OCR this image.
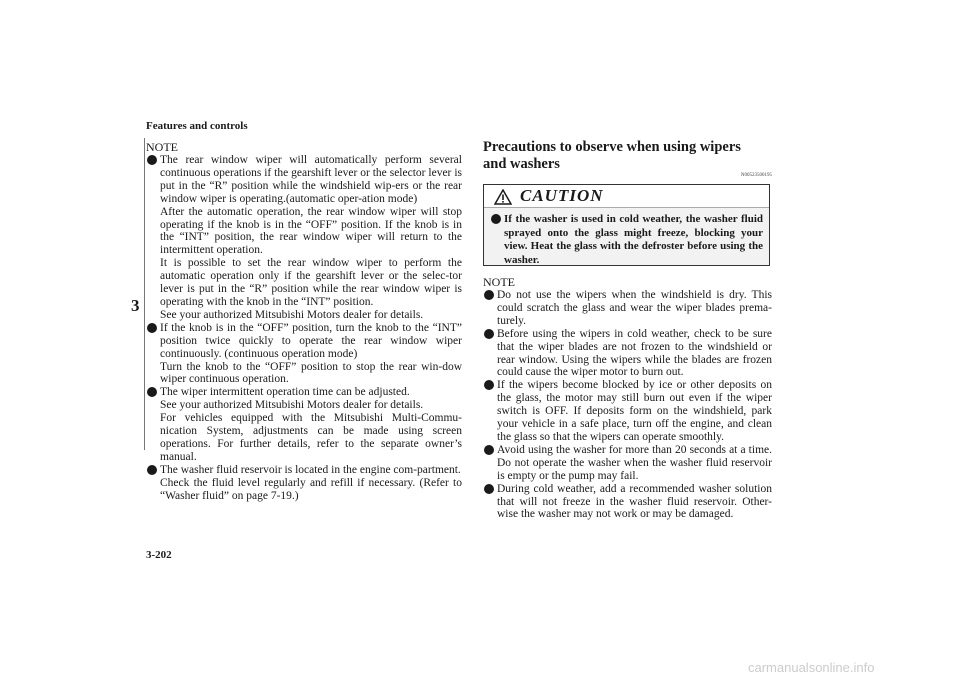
Features and controls
3

NOTE

The rear window wiper will automatically perform several continuous operations if the gearshift lever or the selector lever is put in the “R” position while the windshield wip-ers or the rear window wiper is operating.(automatic oper-ation mode)
After the automatic operation, the rear window wiper will stop operating if the knob is in the “OFF” position. If the knob is in the “INT” position, the rear window wiper will return to the intermittent operation.
It is possible to set the rear window wiper to perform the automatic operation only if the gearshift lever or the selec-tor lever is put in the “R” position while the rear window wiper is operating with the knob in the “INT” position.
See your authorized Mitsubishi Motors dealer for details.
If the knob is in the “OFF” position, turn the knob to the “INT” position twice quickly to operate the rear window wiper continuously. (continuous operation mode)
Turn the knob to the “OFF” position to stop the rear win-dow wiper continuous operation.
The wiper intermittent operation time can be adjusted.
See your authorized Mitsubishi Motors dealer for details.
For vehicles equipped with the Mitsubishi Multi-Commu-nication System, adjustments can be made using screen operations. For further details, refer to the separate owner’s manual.
The washer fluid reservoir is located in the engine com-partment.
Check the fluid level regularly and refill if necessary. (Refer to “Washer fluid” on page 7-19.)
Precautions to observe when using wipers and washers
N00523500195
CAUTION
If the washer is used in cold weather, the washer fluid sprayed onto the glass might freeze, blocking your view. Heat the glass with the defroster before using the washer.

NOTE

Do not use the wipers when the windshield is dry. This could scratch the glass and wear the wiper blades prema-turely.
Before using the wipers in cold weather, check to be sure that the wiper blades are not frozen to the windshield or rear window. Using the wipers while the blades are frozen could cause the wiper motor to burn out.
If the wipers become blocked by ice or other deposits on the glass, the motor may still burn out even if the wiper switch is OFF. If deposits form on the windshield, park your vehicle in a safe place, turn off the engine, and clean the glass so that the wipers can operate smoothly.
Avoid using the washer for more than 20 seconds at a time. Do not operate the washer when the washer fluid reservoir is empty or the pump may fail.
During cold weather, add a recommended washer solution that will not freeze in the washer fluid reservoir. Other-wise the washer may not work or may be damaged.
3-202
carmanualsonline.info
